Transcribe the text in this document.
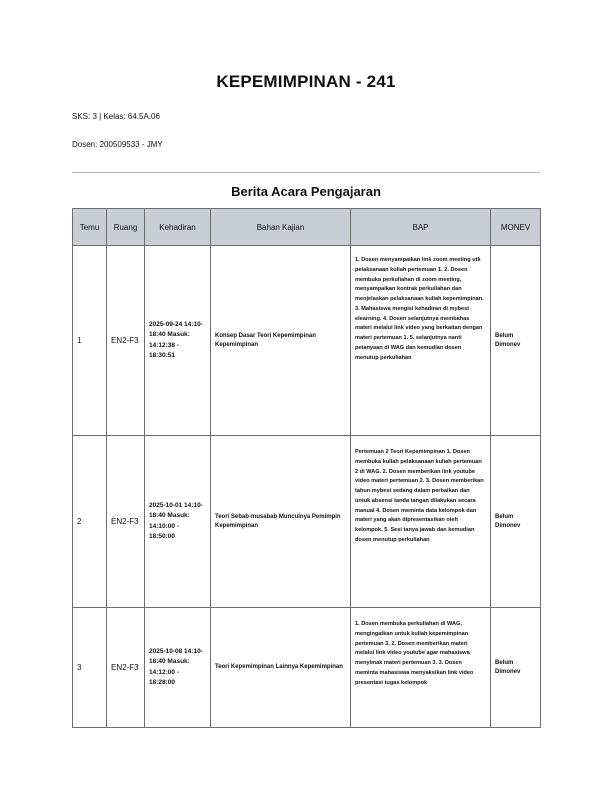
KEPEMIMPINAN - 241
SKS: 3 | Kelas: 64.5A.06
Dosen: 200509533 - JMY
Berita Acara Pengajaran
Temu	Ruang	Kehadiran	Bahan Kajian	BAP	MONEV
1	EN2-F3	2025-09-24 14:10-18:40 Masuk: 14:12:38 - 18:30:51	Konsep Dasar Teori Kepemimpinan Kepemimpinan	1. Dosen menyampaikan link zoom meeting utk pelaksanaan kuliah pertemuan 1. 2. Dosen membuka perkuliahan di zoom meeting, menyampaikan kontrak perkuliahan dan menjelaskan pelaksanaan kuliah kepemimpinan. 3. Mahasiswa mengisi kehadiran di mybest elearning. 4. Dosen selanjutnya membahas materi melalui link video yang berkaitan dengan materi pertemuan 1. 5. selanjutnya nanti petanyaan di WAG dan kemudian dosen menutup perkuliahan	Belum Dimonev
2	EN2-F3	2025-10-01 14:10-18:40 Masuk: 14:10:00 - 18:50:00	Teori Sebab-musabab Munculnya Pemimpin Kepemimpinan	Pertemuan 2 Teori Kepemimpinan 1. Dosen membuka kuliah pelaksanaan kuliah pertemuan 2 di WAG. 2. Dosen memberikan link youtube video materi pertemuan 2. 3. Dosen memberikan tahun mybest sedang dalam perbaikan dan untuk absensi tanda tangan dilakukan secara manual 4. Dosen meminta data kelompok dan materi yang akan dipresentasikan oleh kelompok. 5. Sesi tanya jawab dan kemudian dosen menutup perkuliahan	Belum Dimonev
3	EN2-F3	2025-10-08 14:10-18:40 Masuk: 14:12:00 - 18:28:00	Teori Kepemimpinan Lainnya Kepemimpinan	1. Dosen membuka perkuliahan di WAG, mengingatkan untuk kuliah kepemimpinan pertemuan 3. 2. Dosen memberikan materi melalui link video youtube agar mahasiswa menyimak materi pertemuan 3. 3. Dosen meminta mahasiswa menyaksikan link video presentasi tugas kelompok	Belum Dimonev
